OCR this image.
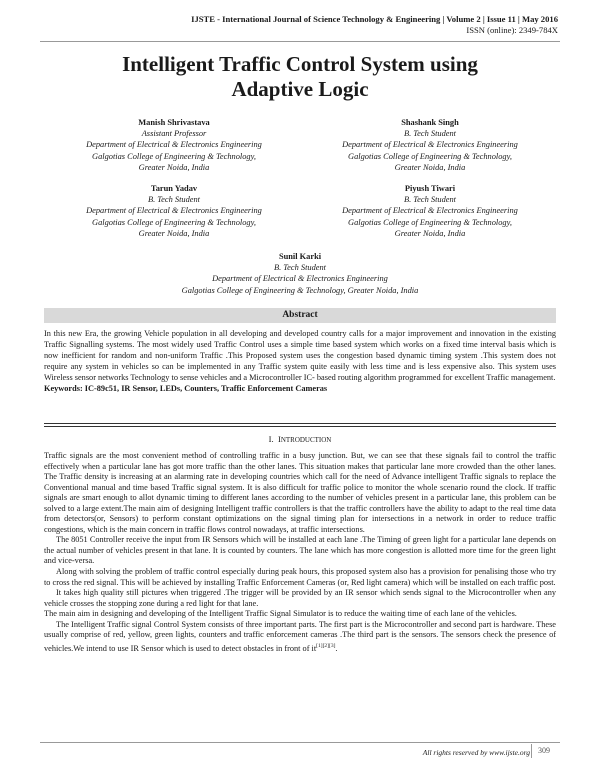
IJSTE - International Journal of Science Technology & Engineering | Volume 2 | Issue 11 | May 2016
ISSN (online): 2349-784X
Intelligent Traffic Control System using
Adaptive Logic
Manish Shrivastava
Assistant Professor
Department of Electrical & Electronics Engineering
Galgotias College of Engineering & Technology,
Greater Noida, India
Shashank Singh
B. Tech Student
Department of Electrical & Electronics Engineering
Galgotias College of Engineering & Technology,
Greater Noida, India
Tarun Yadav
B. Tech Student
Department of Electrical & Electronics Engineering
Galgotias College of Engineering & Technology,
Greater Noida, India
Piyush Tiwari
B. Tech Student
Department of Electrical & Electronics Engineering
Galgotias College of Engineering & Technology,
Greater Noida, India
Sunil Karki
B. Tech Student
Department of Electrical & Electronics Engineering
Galgotias College of Engineering & Technology, Greater Noida, India
Abstract
In this new Era, the growing Vehicle population in all developing and developed country calls for a major improvement and innovation in the existing Traffic Signalling systems. The most widely used Traffic Control uses a simple time based system which works on a fixed time interval basis which is now inefficient for random and non-uniform Traffic .This Proposed system uses the congestion based dynamic timing system .This system does not require any system in vehicles so can be implemented in any Traffic system quite easily with less time and is less expensive also. This system uses Wireless sensor networks Technology to sense vehicles and a Microcontroller IC- based routing algorithm programmed for excellent Traffic management.
Keywords: IC-89c51, IR Sensor, LEDs, Counters, Traffic Enforcement Cameras
I. INTRODUCTION

Traffic signals are the most convenient method of controlling traffic in a busy junction. But, we can see that these signals fail to control the traffic effectively when a particular lane has got more traffic than the other lanes. This situation makes that particular lane more crowded than the other lanes. The Traffic density is increasing at an alarming rate in developing countries which call for the need of Advance intelligent Traffic signals to replace the Conventional manual and time based Traffic signal system. It is also difficult for traffic police to monitor the whole scenario round the clock. If traffic signals are smart enough to allot dynamic timing to different lanes according to the number of vehicles present in a particular lane, this problem can be solved to a large extent.The main aim of designing Intelligent traffic controllers is that the traffic controllers have the ability to adapt to the real time data from detectors(or, Sensors) to perform constant optimizations on the signal timing plan for intersections in a network in order to reduce traffic congestions, which is the main concern in traffic flows control nowadays, at traffic intersections.

The 8051 Controller receive the input from IR Sensors which will be installed at each lane .The Timing of green light for a particular lane depends on the actual number of vehicles present in that lane. It is counted by counters. The lane which has more congestion is allotted more time for the green light and vice-versa.

Along with solving the problem of traffic control especially during peak hours, this proposed system also has a provision for penalising those who try to cross the red signal. This will be achieved by installing Traffic Enforcement Cameras (or, Red light camera) which will be installed on each traffic post.

It takes high quality still pictures when triggered .The trigger will be provided by an IR sensor which sends signal to the Microcontroller when any vehicle crosses the stopping zone during a red light for that lane.

The main aim in designing and developing of the Intelligent Traffic Signal Simulator is to reduce the waiting time of each lane of the vehicles.

The Intelligent Traffic signal Control System consists of three important parts. The first part is the Microcontroller and second part is hardware. These usually comprise of red, yellow, green lights, counters and traffic enforcement cameras .The third part is the sensors. The sensors check the presence of vehicles.We intend to use IR Sensor which is used to detect obstacles in front of it[1][2][3].

All rights reserved by www.ijste.org	309
